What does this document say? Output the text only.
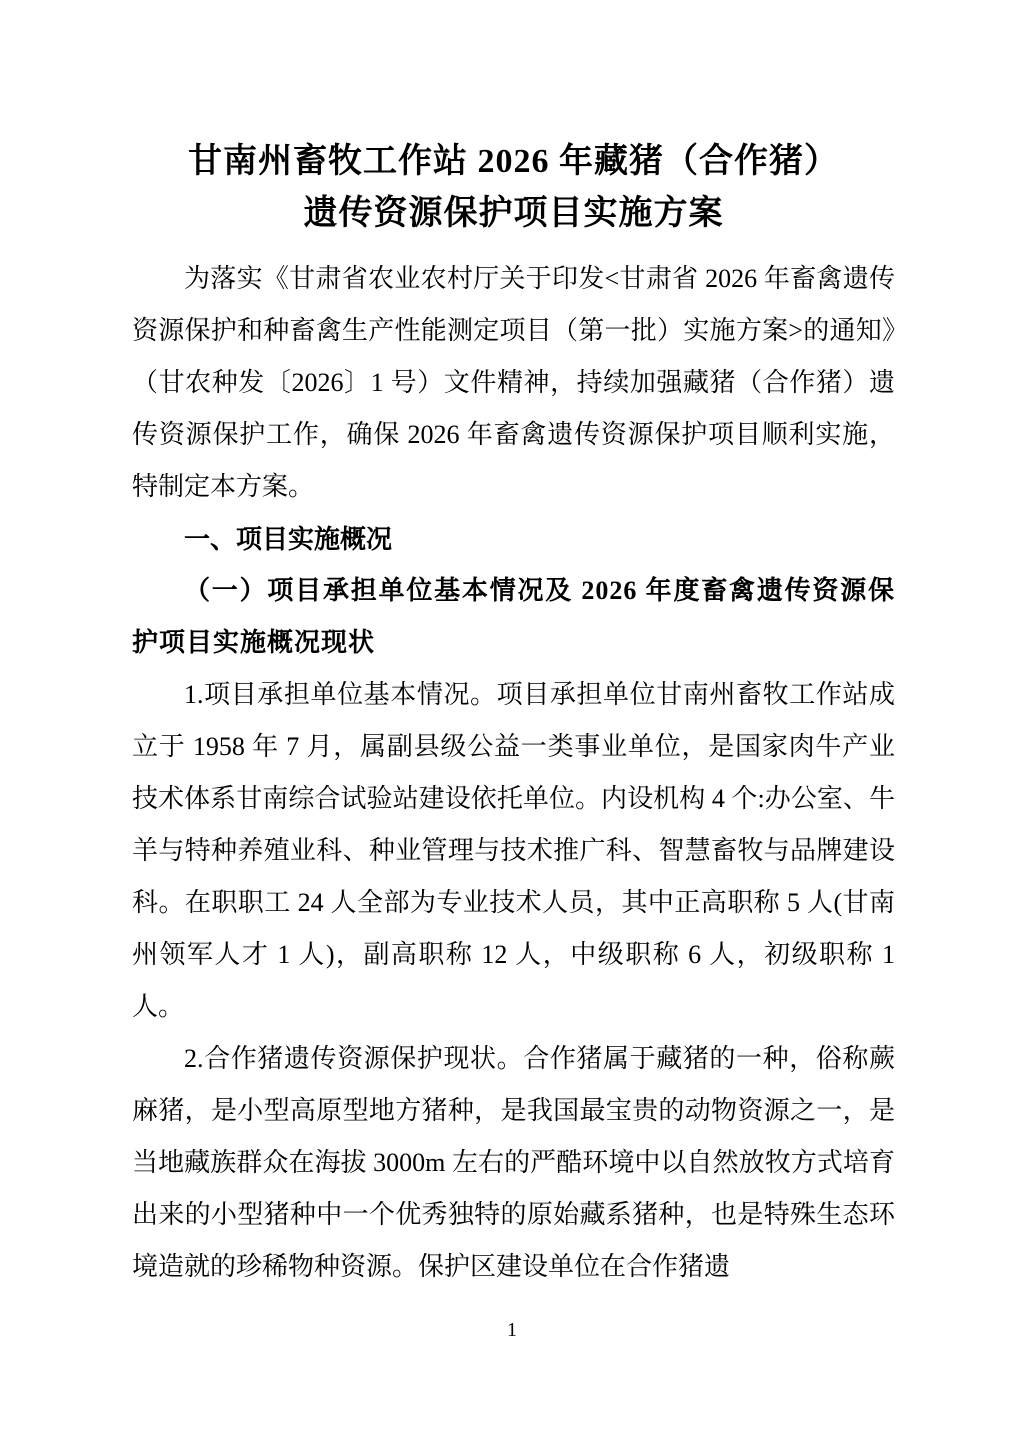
甘南州畜牧工作站 2026 年藏猪（合作猪）
遗传资源保护项目实施方案

为落实《甘肃省农业农村厅关于印发<甘肃省 2026 年畜禽遗传资源保护和种畜禽生产性能测定项目（第一批）实施方案>的通知》（甘农种发〔2026〕1 号）文件精神，持续加强藏猪（合作猪）遗传资源保护工作，确保 2026 年畜禽遗传资源保护项目顺利实施，特制定本方案。

一、项目实施概况

（一）项目承担单位基本情况及 2026 年度畜禽遗传资源保护项目实施概况现状

1.项目承担单位基本情况。项目承担单位甘南州畜牧工作站成立于 1958 年 7 月，属副县级公益一类事业单位，是国家肉牛产业技术体系甘南综合试验站建设依托单位。内设机构 4 个:办公室、牛羊与特种养殖业科、种业管理与技术推广科、智慧畜牧与品牌建设科。在职职工 24 人全部为专业技术人员，其中正高职称 5 人(甘南州领军人才 1 人)，副高职称 12 人，中级职称 6 人，初级职称 1 人。

2.合作猪遗传资源保护现状。合作猪属于藏猪的一种，俗称蕨麻猪，是小型高原型地方猪种，是我国最宝贵的动物资源之一，是当地藏族群众在海拔 3000m 左右的严酷环境中以自然放牧方式培育出来的小型猪种中一个优秀独特的原始藏系猪种，也是特殊生态环境造就的珍稀物种资源。保护区建设单位在合作猪遗

1
